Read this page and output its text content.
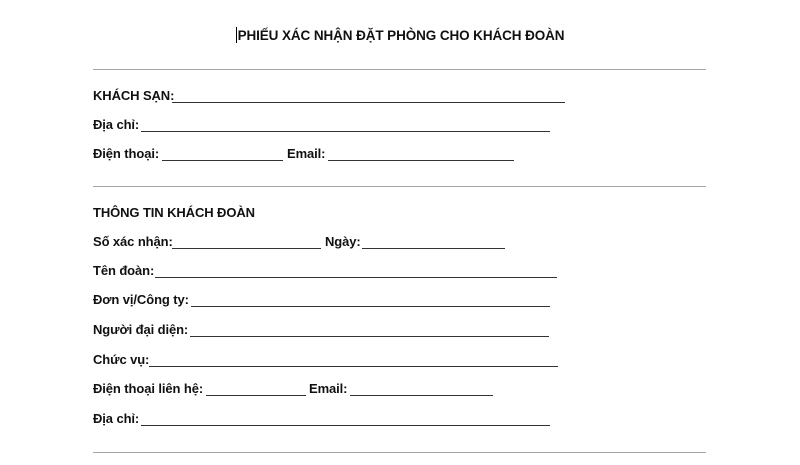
PHIẾU XÁC NHẬN ĐẶT PHÒNG CHO KHÁCH ĐOÀN
KHÁCH SẠN:
Địa chỉ:
Điện thoại:	Email:
THÔNG TIN KHÁCH ĐOÀN
Số xác nhận:	Ngày:
Tên đoàn:
Đơn vị/Công ty:
Người đại diện:
Chức vụ:
Điện thoại liên hệ:	Email:
Địa chỉ:
